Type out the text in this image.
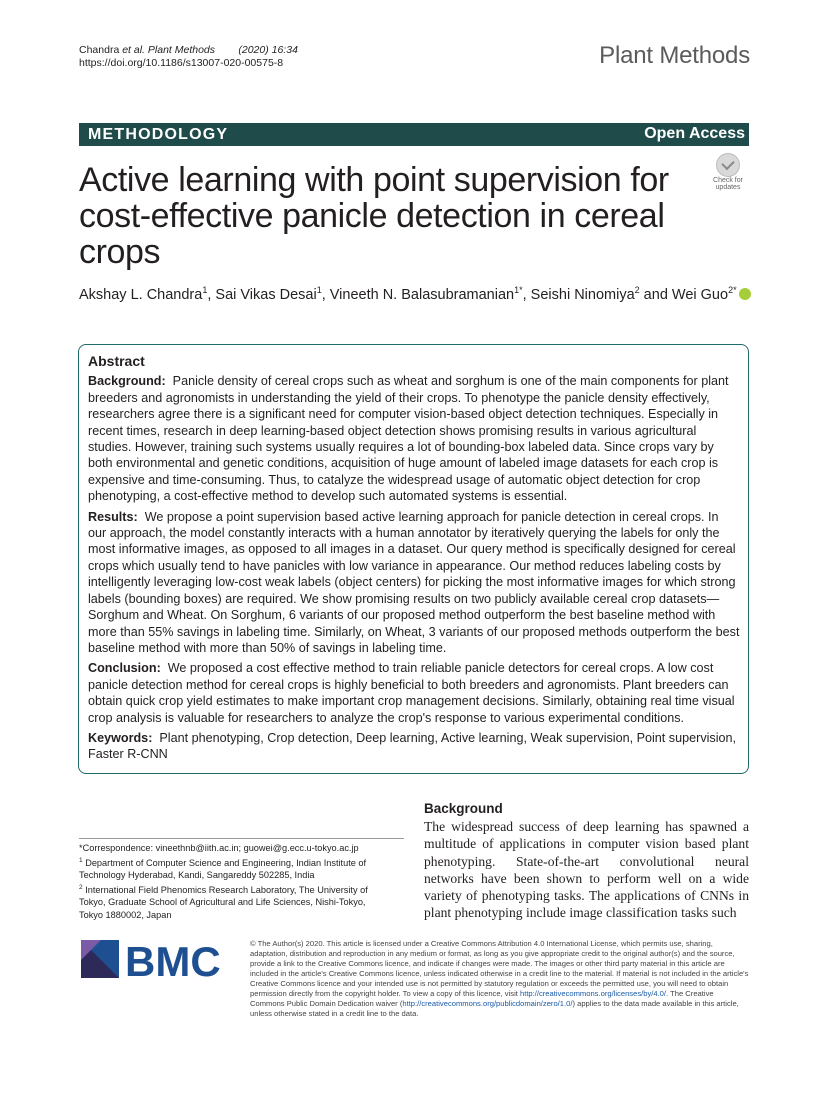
Chandra et al. Plant Methods (2020) 16:34
https://doi.org/10.1186/s13007-020-00575-8	Plant Methods
METHODOLOGY	Open Access
Active learning with point supervision for cost-effective panicle detection in cereal crops
Check for
updates
Akshay L. Chandra$^1$, Sai Vikas Desai$^1$, Vineeth N. Balasubramanian$^{1*}$, Seishi Ninomiya$^2$ and Wei Guo$^{2*}$
Abstract

Background: Panicle density of cereal crops such as wheat and sorghum is one of the main components for plant breeders and agronomists in understanding the yield of their crops. To phenotype the panicle density effectively, researchers agree there is a significant need for computer vision-based object detection techniques. Especially in recent times, research in deep learning-based object detection shows promising results in various agricultural studies. However, training such systems usually requires a lot of bounding-box labeled data. Since crops vary by both environmental and genetic conditions, acquisition of huge amount of labeled image datasets for each crop is expensive and time-consuming. Thus, to catalyze the widespread usage of automatic object detection for crop phenotyping, a cost-effective method to develop such automated systems is essential.

Results: We propose a point supervision based active learning approach for panicle detection in cereal crops. In our approach, the model constantly interacts with a human annotator by iteratively querying the labels for only the most informative images, as opposed to all images in a dataset. Our query method is specifically designed for cereal crops which usually tend to have panicles with low variance in appearance. Our method reduces labeling costs by intelligently leveraging low-cost weak labels (object centers) for picking the most informative images for which strong labels (bounding boxes) are required. We show promising results on two publicly available cereal crop datasets—Sorghum and Wheat. On Sorghum, 6 variants of our proposed method outperform the best baseline method with more than 55% savings in labeling time. Similarly, on Wheat, 3 variants of our proposed methods outperform the best baseline method with more than 50% of savings in labeling time.

Conclusion: We proposed a cost effective method to train reliable panicle detectors for cereal crops. A low cost panicle detection method for cereal crops is highly beneficial to both breeders and agronomists. Plant breeders can obtain quick crop yield estimates to make important crop management decisions. Similarly, obtaining real time visual crop analysis is valuable for researchers to analyze the crop's response to various experimental conditions.

Keywords: Plant phenotyping, Crop detection, Deep learning, Active learning, Weak supervision, Point supervision, Faster R-CNN

Background
The widespread success of deep learning has spawned a multitude of applications in computer vision based plant phenotyping. State-of-the-art convolutional neural networks have been shown to perform well on a wide variety of phenotyping tasks. The applications of CNNs in plant phenotyping include image classification tasks such
*Correspondence: vineethnb@iith.ac.in; guowei@g.ecc.u-tokyo.ac.jp
$^1$ Department of Computer Science and Engineering, Indian Institute of Technology Hyderabad, Kandi, Sangareddy 502285, India
$^2$ International Field Phenomics Research Laboratory, The University of Tokyo, Graduate School of Agricultural and Life Sciences, Nishi-Tokyo, Tokyo 1880002, Japan
BMC	© The Author(s) 2020. This article is licensed under a Creative Commons Attribution 4.0 International License, which permits use, sharing, adaptation, distribution and reproduction in any medium or format, as long as you give appropriate credit to the original author(s) and the source, provide a link to the Creative Commons licence, and indicate if changes were made. The images or other third party material in this article are included in the article's Creative Commons licence, unless indicated otherwise in a credit line to the material. If material is not included in the article's Creative Commons licence and your intended use is not permitted by statutory regulation or exceeds the permitted use, you will need to obtain permission directly from the copyright holder. To view a copy of this licence, visit http://creativecommons.org/licenses/by/4.0/. The Creative Commons Public Domain Dedication waiver (http://creativecommons.org/publicdomain/zero/1.0/) applies to the data made available in this article, unless otherwise stated in a credit line to the data.
